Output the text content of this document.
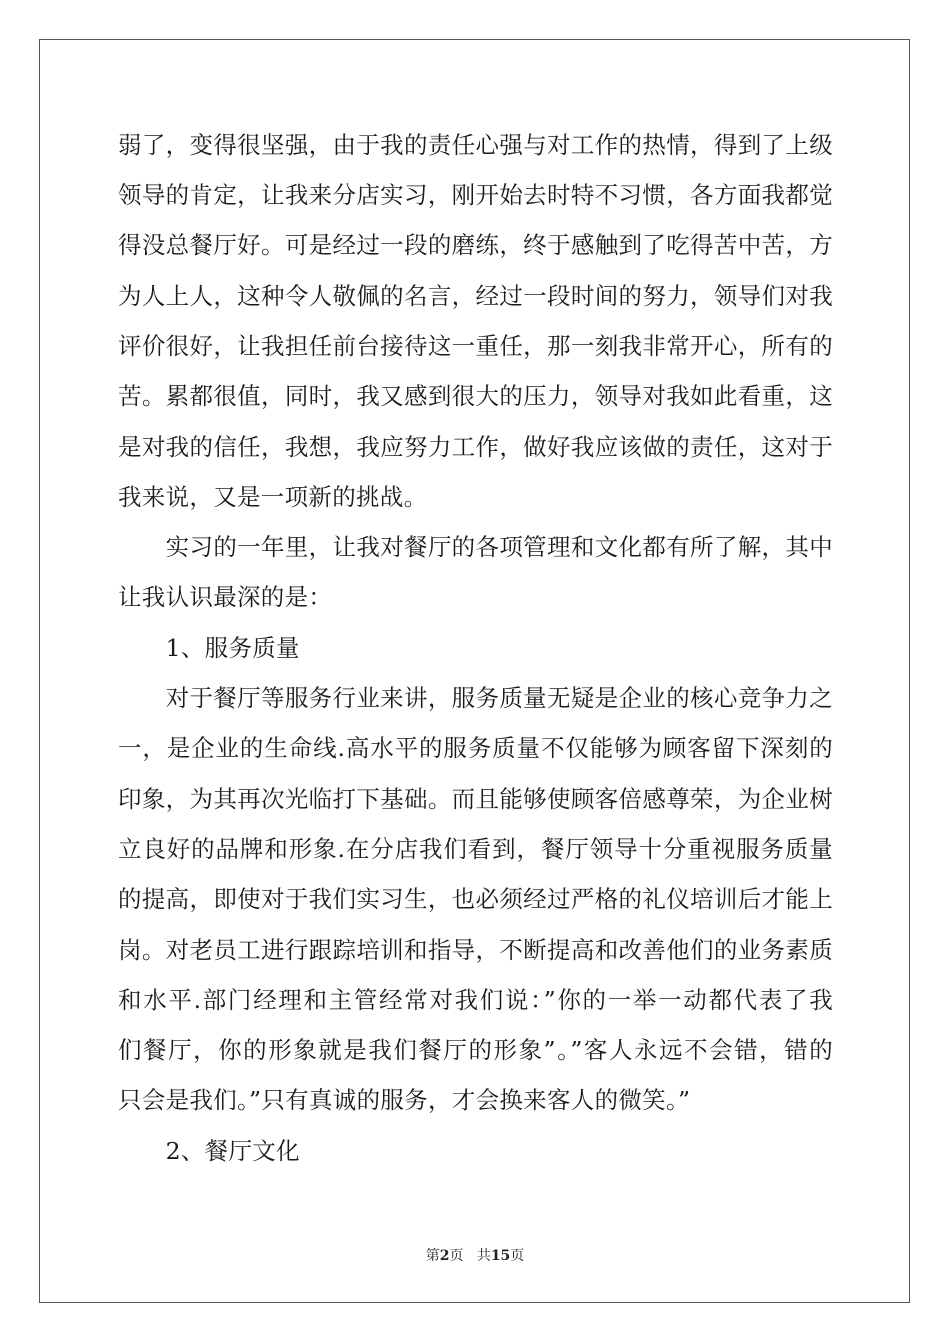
弱了，变得很坚强，由于我的责任心强与对工作的热情，得到了上级
领导的肯定，让我来分店实习，刚开始去时特不习惯，各方面我都觉
得没总餐厅好。可是经过一段的磨练，终于感触到了吃得苦中苦，方
为人上人，这种令人敬佩的名言，经过一段时间的努力，领导们对我
评价很好，让我担任前台接待这一重任，那一刻我非常开心，所有的
苦。累都很值，同时，我又感到很大的压力，领导对我如此看重，这
是对我的信任，我想，我应努力工作，做好我应该做的责任，这对于
我来说，又是一项新的挑战。
　　实习的一年里，让我对餐厅的各项管理和文化都有所了解，其中
让我认识最深的是：
　　1、服务质量
　　对于餐厅等服务行业来讲，服务质量无疑是企业的核心竞争力之
一，是企业的生命线.高水平的服务质量不仅能够为顾客留下深刻的
印象，为其再次光临打下基础。而且能够使顾客倍感尊荣，为企业树
立良好的品牌和形象.在分店我们看到，餐厅领导十分重视服务质量
的提高，即使对于我们实习生，也必须经过严格的礼仪培训后才能上
岗。对老员工进行跟踪培训和指导，不断提高和改善他们的业务素质
和水平.部门经理和主管经常对我们说：”你的一举一动都代表了我
们餐厅，你的形象就是我们餐厅的形象”。”客人永远不会错，错的
只会是我们。”只有真诚的服务，才会换来客人的微笑。”
　　2、餐厅文化
第2页 共15页
